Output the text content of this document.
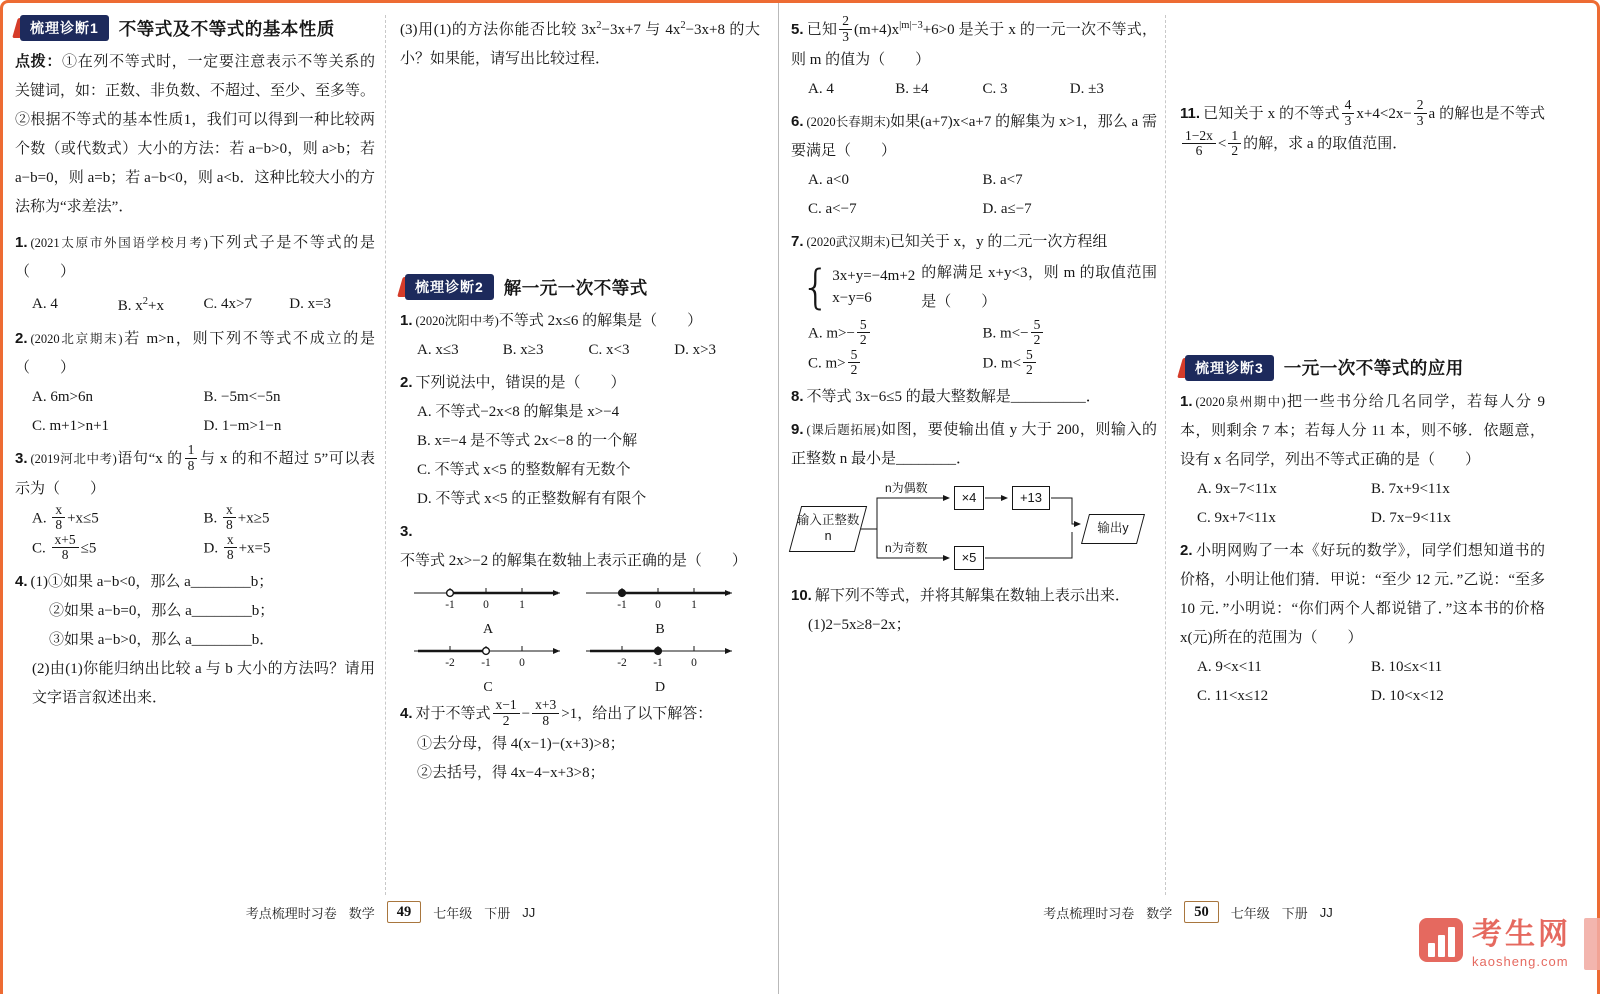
梳理诊断1	不等式及不等式的基本性质
点拨：①在列不等式时，一定要注意表示不等关系的关键词，如：正数、非负数、不超过、至少、至多等。②根据不等式的基本性质1，我们可以得到一种比较两个数（或代数式）大小的方法：若 a−b>0，则 a>b；若 a−b=0，则 a=b；若 a−b<0，则 a<b．这种比较大小的方法称为“求差法”．
1. (2021太原市外国语学校月考)下列式子是不等式的是（　　）
A. 4	B. $x^2+x$	C. 4x>7	D. x=3
2. (2020北京期末)若 m>n，则下列不等式不成立的是（　　）
A. 6m>6n	B. −5m<−5n
C. m+1>n+1	D. 1−m>1−n
3. (2019河北中考)语句“x 的 $\frac{1}{8}$ 与 x 的和不超过 5”可以表示为（　　）
A. $\frac{x}{8} +x\le 5$	B. $\frac{x}{8} +x\ge 5$
C. $\frac{x+5}{8} \le 5$	D. $\frac{x}{8} +x=5$
4. (1)①如果 a−b<0，那么 a________b；
②如果 a−b=0，那么 a________b；
③如果 a−b>0，那么 a________b．
(2)由(1)你能归纳出比较 a 与 b 大小的方法吗？请用文字语言叙述出来．
(3)用(1)的方法你能否比较 $3x^2-3x+7$ 与 $4x^2-3x+8$ 的大小？如果能，请写出比较过程．
梳理诊断2	解一元一次不等式
1. (2020沈阳中考)不等式 2x≤6 的解集是（　　）
A. x≤3	B. x≥3	C. x<3	D. x>3
2. 下列说法中，错误的是（　　）
A. 不等式−2x<8 的解集是 x>−4
B. x=−4 是不等式 2x<−8 的一个解
C. 不等式 x<5 的整数解有无数个
D. 不等式 x<5 的正整数解有有限个
3.不等式 2x>−2 的解集在数轴上表示正确的是（　　）
-1 0	1
A
-1 0	1
B
-2 -1 0
C
-2 -1 0
D
4. 对于不等式 $\frac{x-1}{2} - \frac{x+3}{8} >1$，给出了以下解答：
①去分母，得 4(x−1)−(x+3)>8；
②去括号，得 4x−4−x+3>8；
考点梳理时习卷 数学	49	七年级 下册 JJ
5. 已知 $\frac{2}{3} (m+4)x^{|m|-3}+6>0$ 是关于 x 的一元一次不等式，则 m 的值为（　　）
A. 4	B. ±4	C. 3	D. ±3
6. (2020长春期末)如果(a+7)x<a+7 的解集为 x>1，那么 a 需要满足（　　）
A. a<0	B. a<7
C. a<−7	D. a≤−7
7. (2020武汉期末)已知关于 x，y 的二元一次方程组
{ 3x+y=−4m+2
x−y=6
的解满足 x+y<3，则 m 的取值范围是（　　）
A. $m>- \frac{5}{2}$	B. $m<- \frac{5}{2}$
C. $m> \frac{5}{2}$	D. $m< \frac{5}{2}$
8. 不等式 3x−6≤5 的最大整数解是__________．
9. (课后题拓展)如图，要使输出值 y 大于 200，则输入的正整数 n 最小是________．
输入正整数n
n为偶数
n为奇数
×4	+13
×5
输出y
10. 解下列不等式，并将其解集在数轴上表示出来．
(1)2−5x≥8−2x；
11. 已知关于 x 的不等式 $\frac{4}{3} x+4<2x- \frac{2}{3}$ a 的解也是不等式
$\frac{1-2x}{6} < \frac{1}{2}$ 的解，求 a 的取值范围．
梳理诊断3	一元一次不等式的应用
1. (2020泉州期中)把一些书分给几名同学，若每人分 9 本，则剩余 7 本；若每人分 11 本，则不够．依题意，设有 x 名同学，列出不等式正确的是（　　）
A. 9x−7<11x	B. 7x+9<11x
C. 9x+7<11x	D. 7x−9<11x
2. 小明网购了一本《好玩的数学》，同学们想知道书的价格，小明让他们猜．甲说：“至少 12 元．”乙说：“至多 10 元．”小明说：“你们两个人都说错了．”这本书的价格 x(元)所在的范围为（　　）
A. 9<x<11	B. 10≤x<11
C. 11<x≤12	D. 10<x<12
考点梳理时习卷 数学	50	七年级 下册 JJ
考生网
kaosheng.com
